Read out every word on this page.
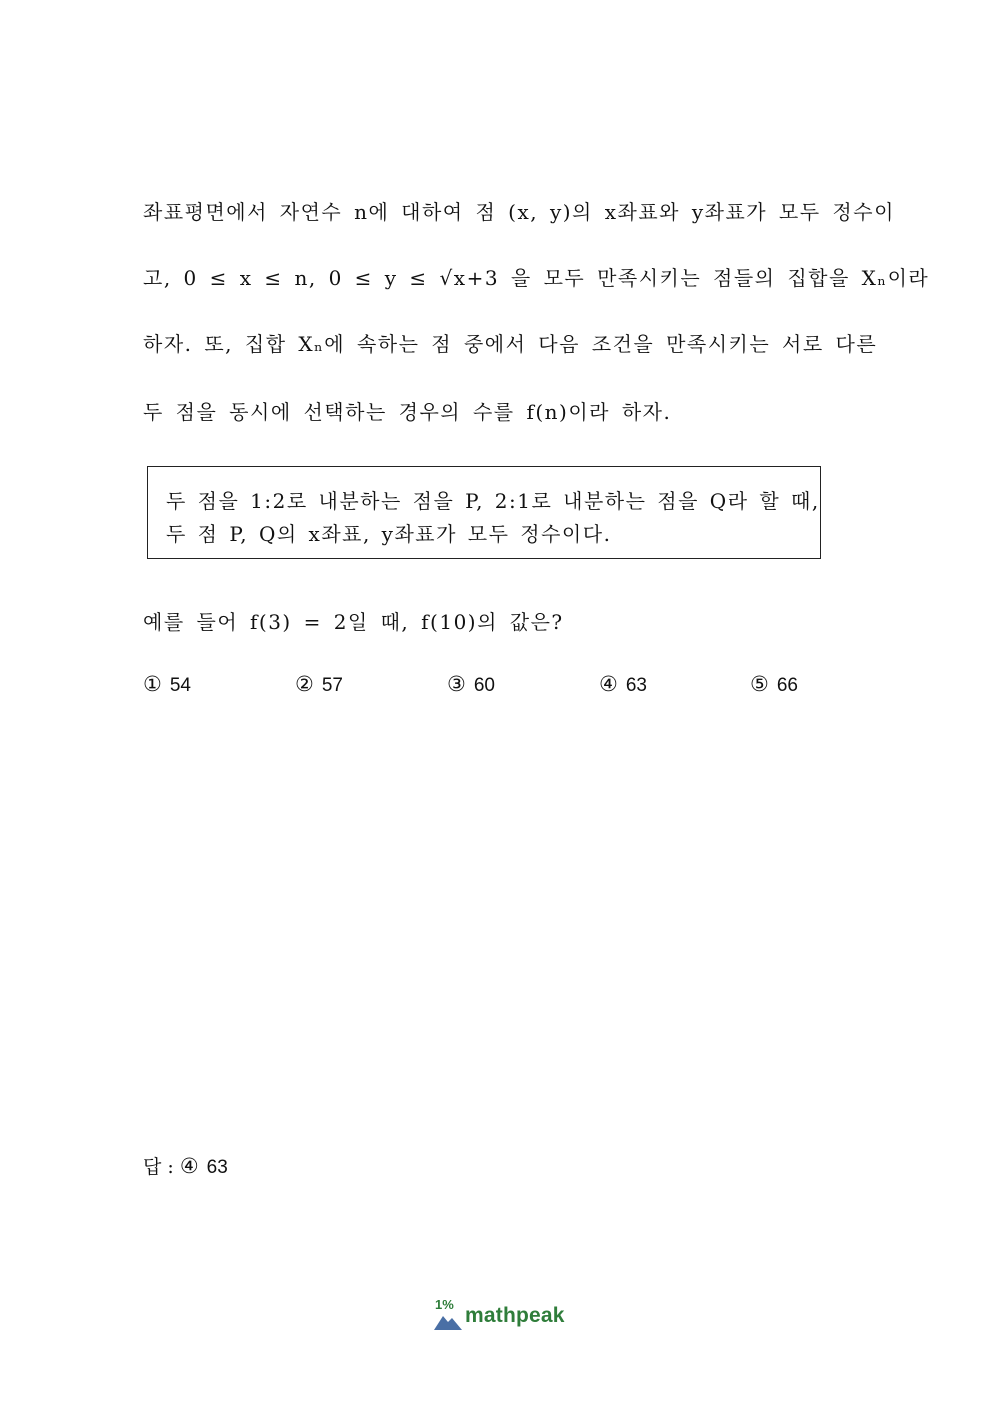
좌표평면에서 자연수 n에 대하여 점 (x, y)의 x좌표와 y좌표가 모두 정수이
고, 0 ≤ x ≤ n, 0 ≤ y ≤ √x+3 을 모두 만족시키는 점들의 집합을 Xₙ이라
하자. 또, 집합 Xₙ에 속하는 점 중에서 다음 조건을 만족시키는 서로 다른
두 점을 동시에 선택하는 경우의 수를 f(n)이라 하자.
두 점을 1:2로 내분하는 점을 P, 2:1로 내분하는 점을 Q라 할 때,
두 점 P, Q의 x좌표, y좌표가 모두 정수이다.
예를 들어 f(3) = 2일 때, f(10)의 값은?
① 54	② 57	③ 60	④ 63	⑤ 66
답 : ④ 63
1% mathpeak
